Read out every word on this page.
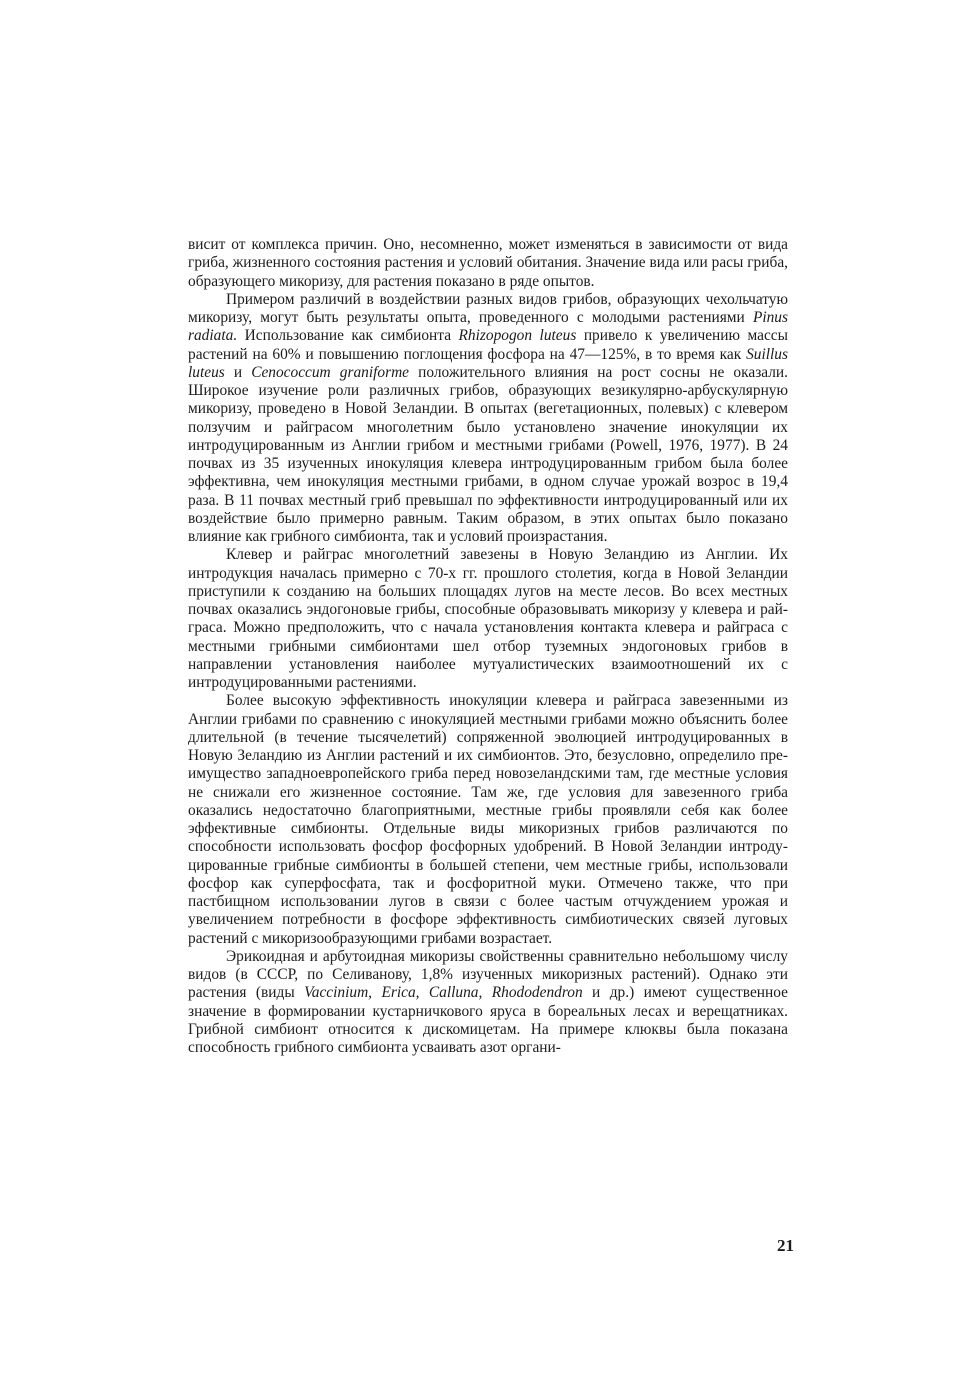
висит от комплекса причин. Оно, несомненно, может изменяться в зависимости от вида гриба, жизненного состояния растения и условий обитания. Значение вида или расы гриба, образующего микоризу, для растения показано в ряде опытов.

Примером различий в воздействии разных видов грибов, образующих чехольчатую микоризу, могут быть результаты опыта, проведенного с молодыми растениями Pinus radiata. Использование как симбионта Rhizopogon luteus привело к увеличению массы растений на 60% и повышению поглощения фосфора на 47—125%, в то время как Suillus luteus и Cenococcum graniforme положительного влияния на рост сосны не оказали. Широкое изучение роли различных грибов, образующих везикулярно-арбускулярную микоризу, проведено в Новой Зеландии. В опытах (вегетационных, полевых) с клевером ползучим и райграсом многолетним было установлено значение инокуляции их интродуцированным из Англии грибом и местными грибами (Powell, 1976, 1977). В 24 почвах из 35 изученных инокуляция клевера интродуцированным грибом была более эффективна, чем инокуляция местными грибами, в одном случае урожай возрос в 19,4 раза. В 11 почвах местный гриб превышал по эффективности интродуцированный или их воздействие было примерно равным. Таким образом, в этих опытах было показано влияние как грибного симбионта, так и условий произрастания.

Клевер и райграс многолетний завезены в Новую Зеландию из Англии. Их интродукция началась примерно с 70-х гг. прошлого столетия, когда в Новой Зеландии приступили к созданию на больших площадях лугов на месте лесов. Во всех местных почвах оказались эндогоновые грибы, способные образовывать микоризу у клевера и райграса. Можно предположить, что с начала установления контакта клевера и райграса с местными грибными симбионтами шел отбор туземных эндогоновых грибов в направлении установления наиболее мутуалистических взаимоотношений их с интродуцированными растениями.

Более высокую эффективность инокуляции клевера и райграса завезенными из Англии грибами по сравнению с инокуляцией местными грибами можно объяснить более длительной (в течение тысячелетий) сопряженной эволюцией интродуцированных в Новую Зеландию из Англии растений и их симбионтов. Это, безусловно, определило преимущество западноевропейского гриба перед новозеландскими там, где местные условия не снижали его жизненное состояние. Там же, где условия для завезенного гриба оказались недостаточно благоприятными, местные грибы проявляли себя как более эффективные симбионты. Отдельные виды микоризных грибов различаются по способности использовать фосфор фосфорных удобрений. В Новой Зеландии интродуцированные грибные симбионты в большей степени, чем местные грибы, использовали фосфор как суперфосфата, так и фосфоритной муки. Отмечено также, что при пастбищном использовании лугов в связи с более частым отчуждением урожая и увеличением потребности в фосфоре эффективность симбиотических связей луговых растений с микоризообразующими грибами возрастает.

Эрикоидная и арбутоидная микоризы свойственны сравнительно небольшому числу видов (в СССР, по Селиванову, 1,8% изученных микоризных растений). Однако эти растения (виды Vaccinium, Erica, Calluna, Rhododendron и др.) имеют существенное значение в формировании кустарничкового яруса в бореальных лесах и верещатниках. Грибной симбионт относится к дискомицетам. На примере клюквы была показана способность грибного симбионта усваивать азот органи-

21
